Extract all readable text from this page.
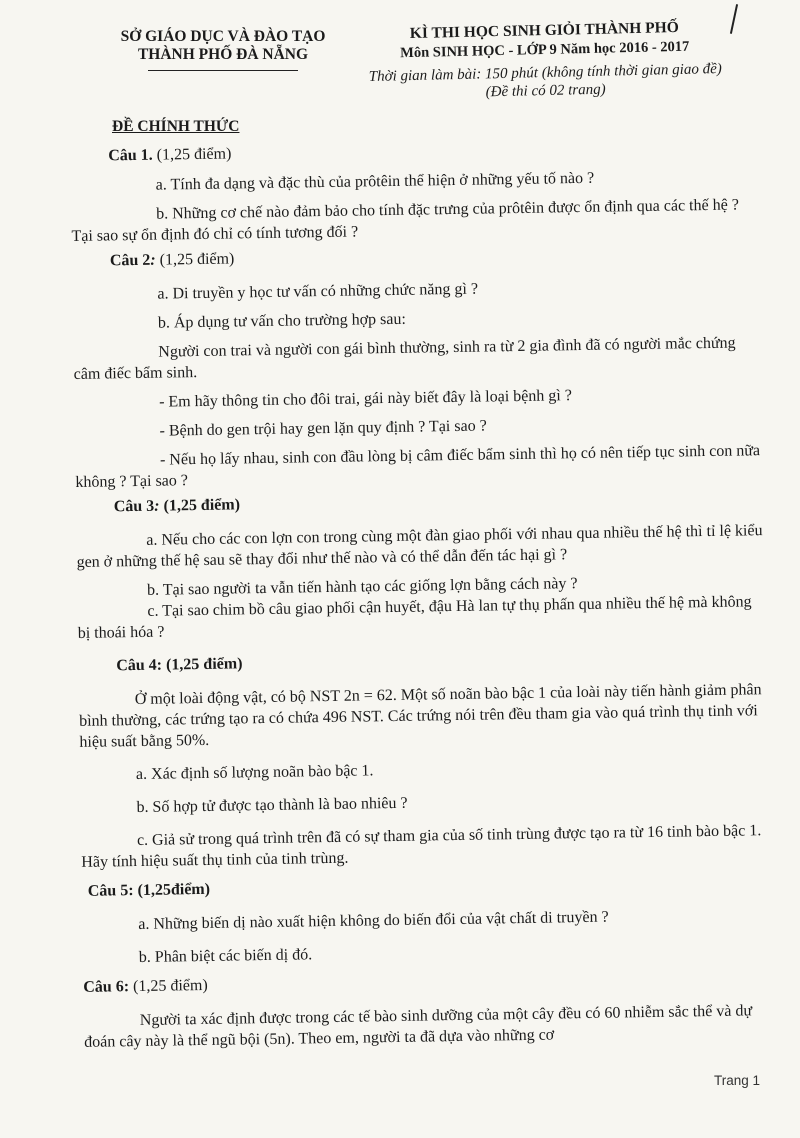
SỞ GIÁO DỤC VÀ ĐÀO TẠO
THÀNH PHỐ ĐÀ NẴNG
KÌ THI HỌC SINH GIỎI THÀNH PHỐ
Môn SINH HỌC - LỚP 9 Năm học 2016 - 2017
Thời gian làm bài: 150 phút (không tính thời gian giao đề)
(Đề thi có 02 trang)
ĐỀ CHÍNH THỨC
Câu 1. (1,25 điểm)

a. Tính đa dạng và đặc thù của prôtêin thể hiện ở những yếu tố nào ?

b. Những cơ chế nào đảm bảo cho tính đặc trưng của prôtêin được ổn định qua các thế hệ ? Tại sao sự ổn định đó chỉ có tính tương đối ?

Câu 2: (1,25 điểm)

a. Di truyền y học tư vấn có những chức năng gì ?

b. Áp dụng tư vấn cho trường hợp sau:

Người con trai và người con gái bình thường, sinh ra từ 2 gia đình đã có người mắc chứng câm điếc bẩm sinh.

- Em hãy thông tin cho đôi trai, gái này biết đây là loại bệnh gì ?

- Bệnh do gen trội hay gen lặn quy định ? Tại sao ?

- Nếu họ lấy nhau, sinh con đầu lòng bị câm điếc bẩm sinh thì họ có nên tiếp tục sinh con nữa không ? Tại sao ?

Câu 3: (1,25 điểm)

a. Nếu cho các con lợn con trong cùng một đàn giao phối với nhau qua nhiều thế hệ thì tỉ lệ kiểu gen ở những thế hệ sau sẽ thay đổi như thế nào và có thể dẫn đến tác hại gì ?

b. Tại sao người ta vẫn tiến hành tạo các giống lợn bằng cách này ?

c. Tại sao chim bồ câu giao phối cận huyết, đậu Hà lan tự thụ phấn qua nhiều thế hệ mà không bị thoái hóa ?

Câu 4: (1,25 điểm)

Ở một loài động vật, có bộ NST 2n = 62. Một số noãn bào bậc 1 của loài này tiến hành giảm phân bình thường, các trứng tạo ra có chứa 496 NST. Các trứng nói trên đều tham gia vào quá trình thụ tinh với hiệu suất bằng 50%.

a. Xác định số lượng noãn bào bậc 1.

b. Số hợp tử được tạo thành là bao nhiêu ?

c. Giả sử trong quá trình trên đã có sự tham gia của số tinh trùng được tạo ra từ 16 tinh bào bậc 1. Hãy tính hiệu suất thụ tinh của tinh trùng.

Câu 5: (1,25điểm)

a. Những biến dị nào xuất hiện không do biến đổi của vật chất di truyền ?

b. Phân biệt các biến dị đó.

Câu 6: (1,25 điểm)

Người ta xác định được trong các tế bào sinh dưỡng của một cây đều có 60 nhiễm sắc thể và dự đoán cây này là thể ngũ bội (5n). Theo em, người ta đã dựa vào những cơ

Trang 1
